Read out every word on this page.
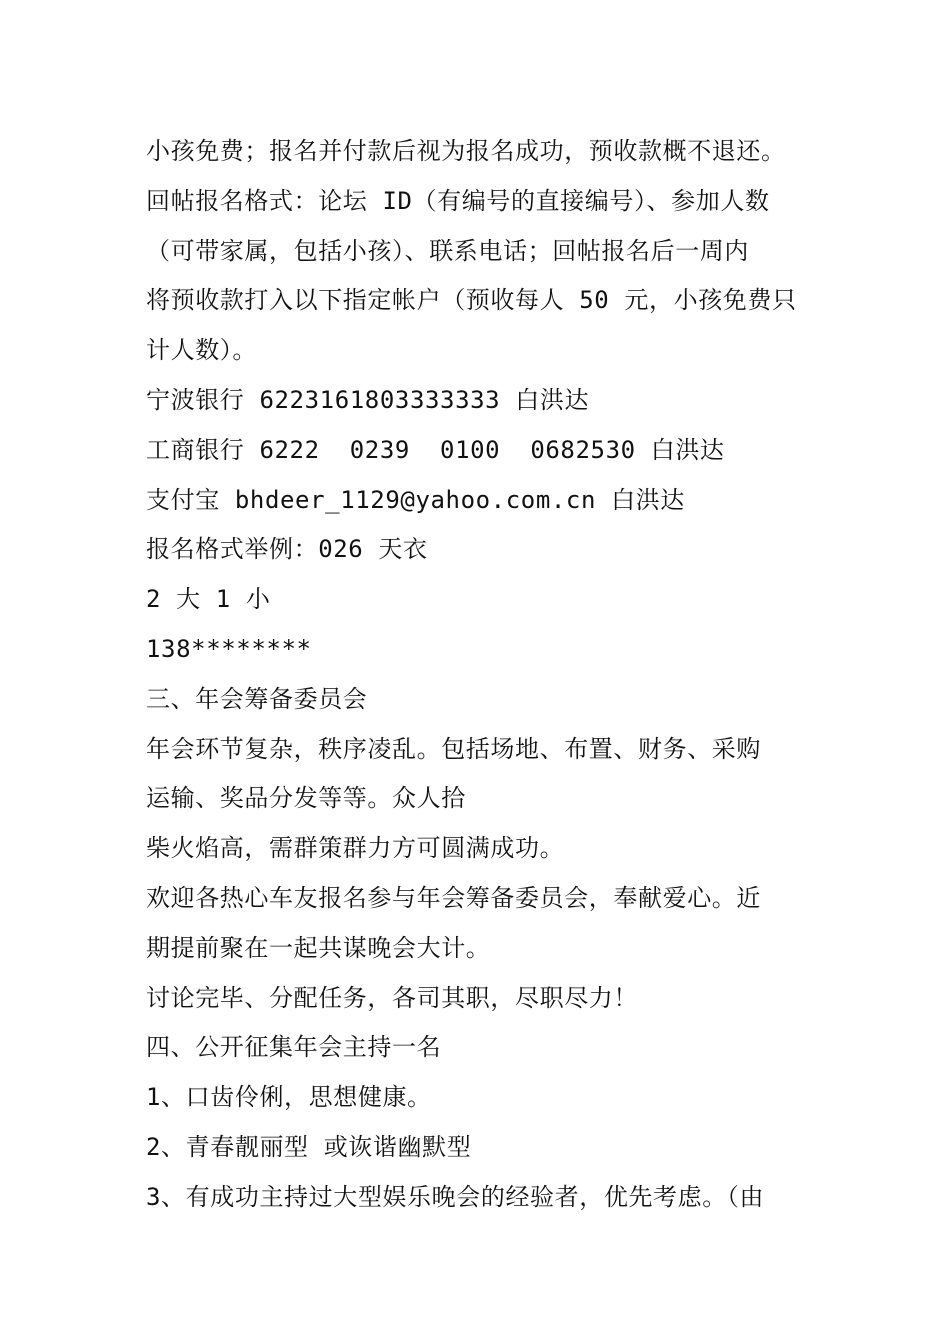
小孩免费；报名并付款后视为报名成功，预收款概不退还。
回帖报名格式：论坛 ID（有编号的直接编号）、参加人数
（可带家属，包括小孩）、联系电话；回帖报名后一周内
将预收款打入以下指定帐户（预收每人 50 元，小孩免费只
计人数）。
宁波银行 6223161803333333 白洪达
工商银行 6222  0239  0100  0682530 白洪达
支付宝 bhdeer_1129@yahoo.com.cn 白洪达
报名格式举例：026 天衣
2 大 1 小
138********
三、年会筹备委员会
年会环节复杂，秩序凌乱。包括场地、布置、财务、采购
运输、奖品分发等等。众人拾
柴火焰高，需群策群力方可圆满成功。
欢迎各热心车友报名参与年会筹备委员会，奉献爱心。近
期提前聚在一起共谋晚会大计。
讨论完毕、分配任务，各司其职，尽职尽力！
四、公开征集年会主持一名
1、口齿伶俐，思想健康。
2、青春靓丽型 或诙谐幽默型
3、有成功主持过大型娱乐晚会的经验者，优先考虑。（由
